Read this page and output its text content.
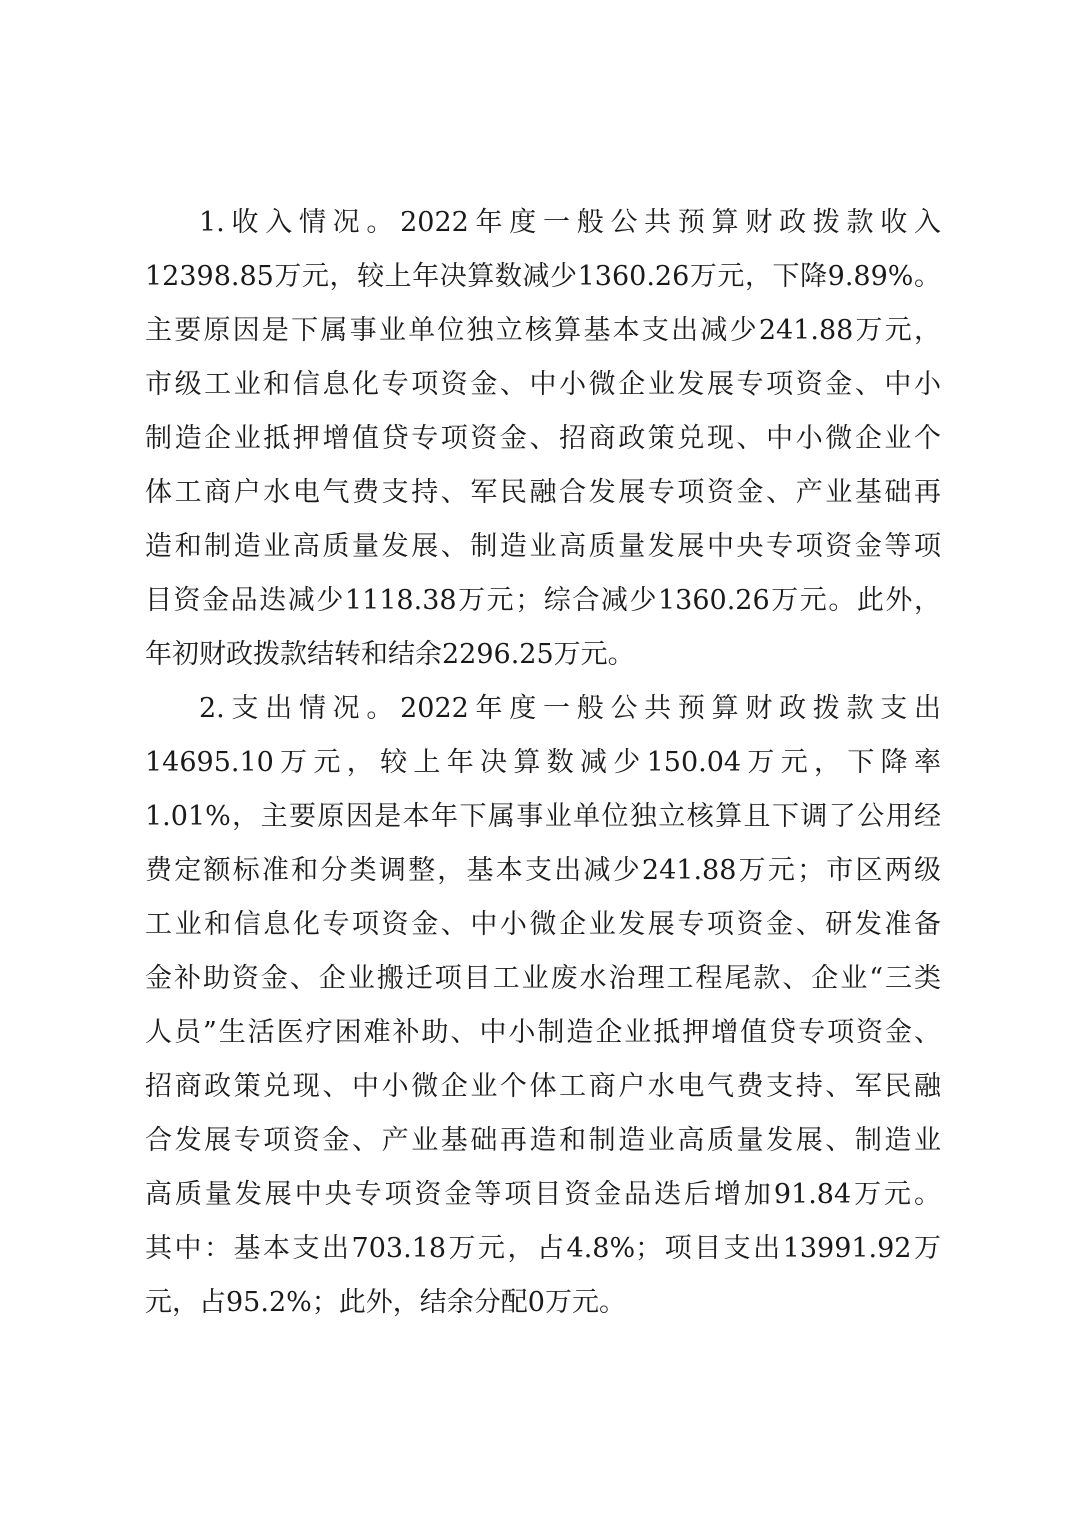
1.收入情况。2022年度一般公共预算财政拨款收入
12398.85万元，较上年决算数减少1360.26万元，下降9.89%。
主要原因是下属事业单位独立核算基本支出减少241.88万元，
市级工业和信息化专项资金、中小微企业发展专项资金、中小
制造企业抵押增值贷专项资金、招商政策兑现、中小微企业个
体工商户水电气费支持、军民融合发展专项资金、产业基础再
造和制造业高质量发展、制造业高质量发展中央专项资金等项
目资金品迭减少1118.38万元；综合减少1360.26万元。此外，
年初财政拨款结转和结余2296.25万元。
2.支出情况。2022年度一般公共预算财政拨款支出
14695.10万元，较上年决算数减少150.04万元，下降率
1.01%，主要原因是本年下属事业单位独立核算且下调了公用经
费定额标准和分类调整，基本支出减少241.88万元；市区两级
工业和信息化专项资金、中小微企业发展专项资金、研发准备
金补助资金、企业搬迁项目工业废水治理工程尾款、企业“三类
人员”生活医疗困难补助、中小制造企业抵押增值贷专项资金、
招商政策兑现、中小微企业个体工商户水电气费支持、军民融
合发展专项资金、产业基础再造和制造业高质量发展、制造业
高质量发展中央专项资金等项目资金品迭后增加91.84万元。
其中：基本支出703.18万元，占4.8%；项目支出13991.92万
元，占95.2%；此外，结余分配0万元。
